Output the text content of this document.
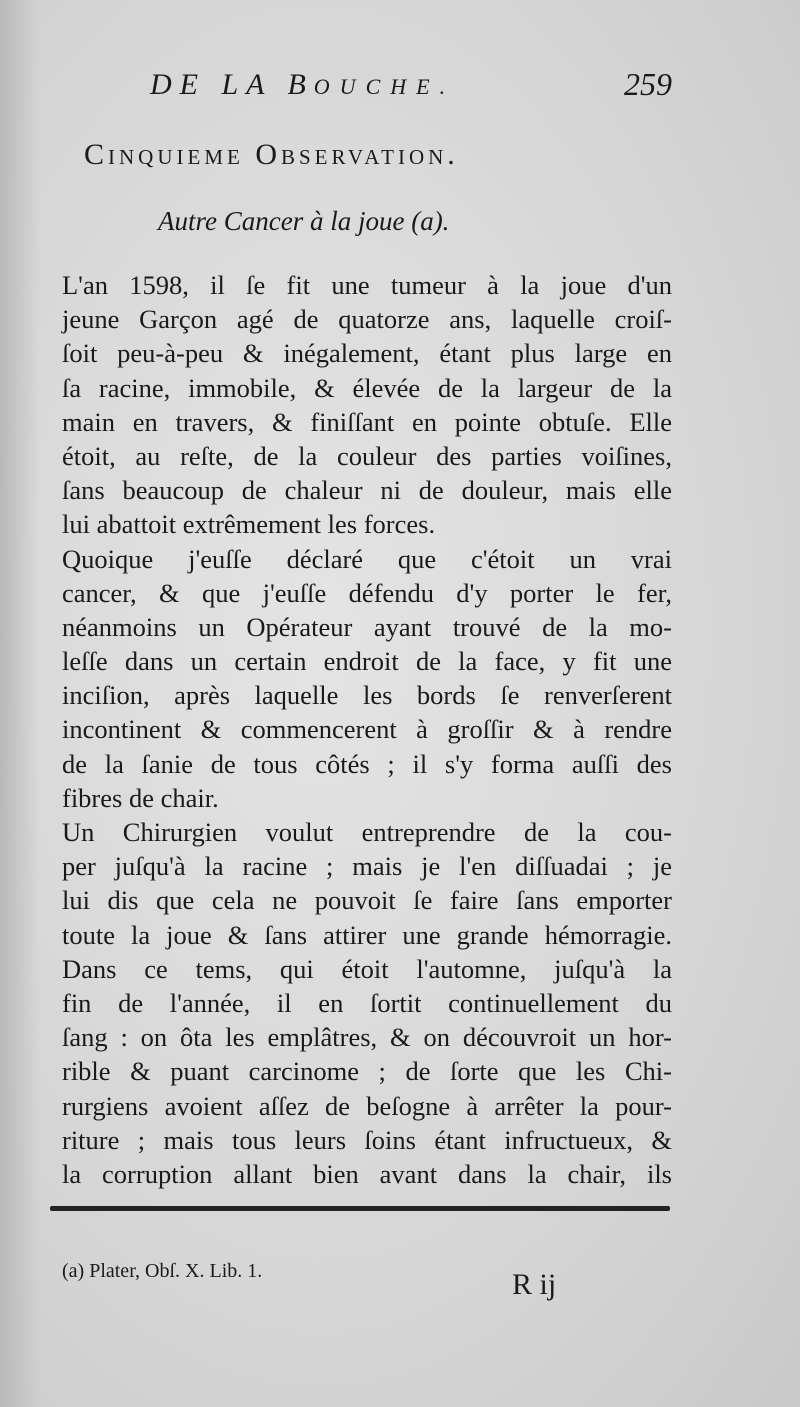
DE LA BOUCHE.	259
Cinquieme Observation.
Autre Cancer à la joue (a).
L'an 1598, il ſe fit une tumeur à la joue d'un
jeune Garçon agé de quatorze ans, laquelle croiſ-
ſoit peu-à-peu & inégalement, étant plus large en
ſa racine, immobile, & élevée de la largeur de la
main en travers, & finiſſant en pointe obtuſe. Elle
étoit, au reſte, de la couleur des parties voiſines,
ſans beaucoup de chaleur ni de douleur, mais elle
lui abattoit extrêmement les forces.
Quoique j'euſſe déclaré que c'étoit un vrai
cancer, & que j'euſſe défendu d'y porter le fer,
néanmoins un Opérateur ayant trouvé de la mo-
leſſe dans un certain endroit de la face, y fit une
inciſion, après laquelle les bords ſe renverſerent
incontinent & commencerent à groſſir & à rendre
de la ſanie de tous côtés ; il s'y forma auſſi des
fibres de chair.
Un Chirurgien voulut entreprendre de la cou-
per juſqu'à la racine ; mais je l'en diſſuadai ; je
lui dis que cela ne pouvoit ſe faire ſans emporter
toute la joue & ſans attirer une grande hémorragie.
Dans ce tems, qui étoit l'automne, juſqu'à la
fin de l'année, il en ſortit continuellement du
ſang : on ôta les emplâtres, & on découvroit un hor-
rible & puant carcinome ; de ſorte que les Chi-
rurgiens avoient aſſez de beſogne à arrêter la pour-
riture ; mais tous leurs ſoins étant infructueux, &
la corruption allant bien avant dans la chair, ils
(a) Plater, Obſ. X. Lib. 1.	R ij
